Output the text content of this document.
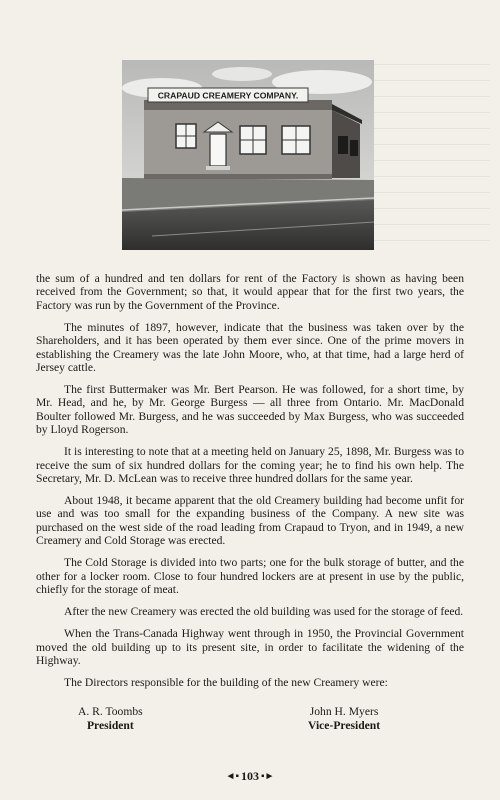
CRAPAUD CREAMERY COMPANY.

the sum of a hundred and ten dollars for rent of the Factory is shown as having been received from the Government; so that, it would appear that for the first two years, the Factory was run by the Government of the Province.

The minutes of 1897, however, indicate that the business was taken over by the Shareholders, and it has been operated by them ever since. One of the prime movers in establishing the Creamery was the late John Moore, who, at that time, had a large herd of Jersey cattle.

The first Buttermaker was Mr. Bert Pearson. He was followed, for a short time, by Mr. Head, and he, by Mr. George Burgess — all three from Ontario. Mr. MacDonald Boulter followed Mr. Burgess, and he was succeeded by Max Burgess, who was succeeded by Lloyd Rogerson.

It is interesting to note that at a meeting held on January 25, 1898, Mr. Burgess was to receive the sum of six hundred dollars for the coming year; he to find his own help. The Secretary, Mr. D. McLean was to receive three hundred dollars for the same year.

About 1948, it became apparent that the old Creamery building had become unfit for use and was too small for the expanding business of the Company. A new site was purchased on the west side of the road leading from Crapaud to Tryon, and in 1949, a new Creamery and Cold Storage was erected.

The Cold Storage is divided into two parts; one for the bulk storage of butter, and the other for a locker room. Close to four hundred lockers are at present in use by the public, chiefly for the storage of meat.

After the new Creamery was erected the old building was used for the storage of feed.

When the Trans-Canada Highway went through in 1950, the Provincial Government moved the old building up to its present site, in order to facilitate the widening of the Highway.

The Directors responsible for the building of the new Creamery were:

A. R. Toombs
President
John H. Myers
Vice-President
◄▪ 103 ▪►
